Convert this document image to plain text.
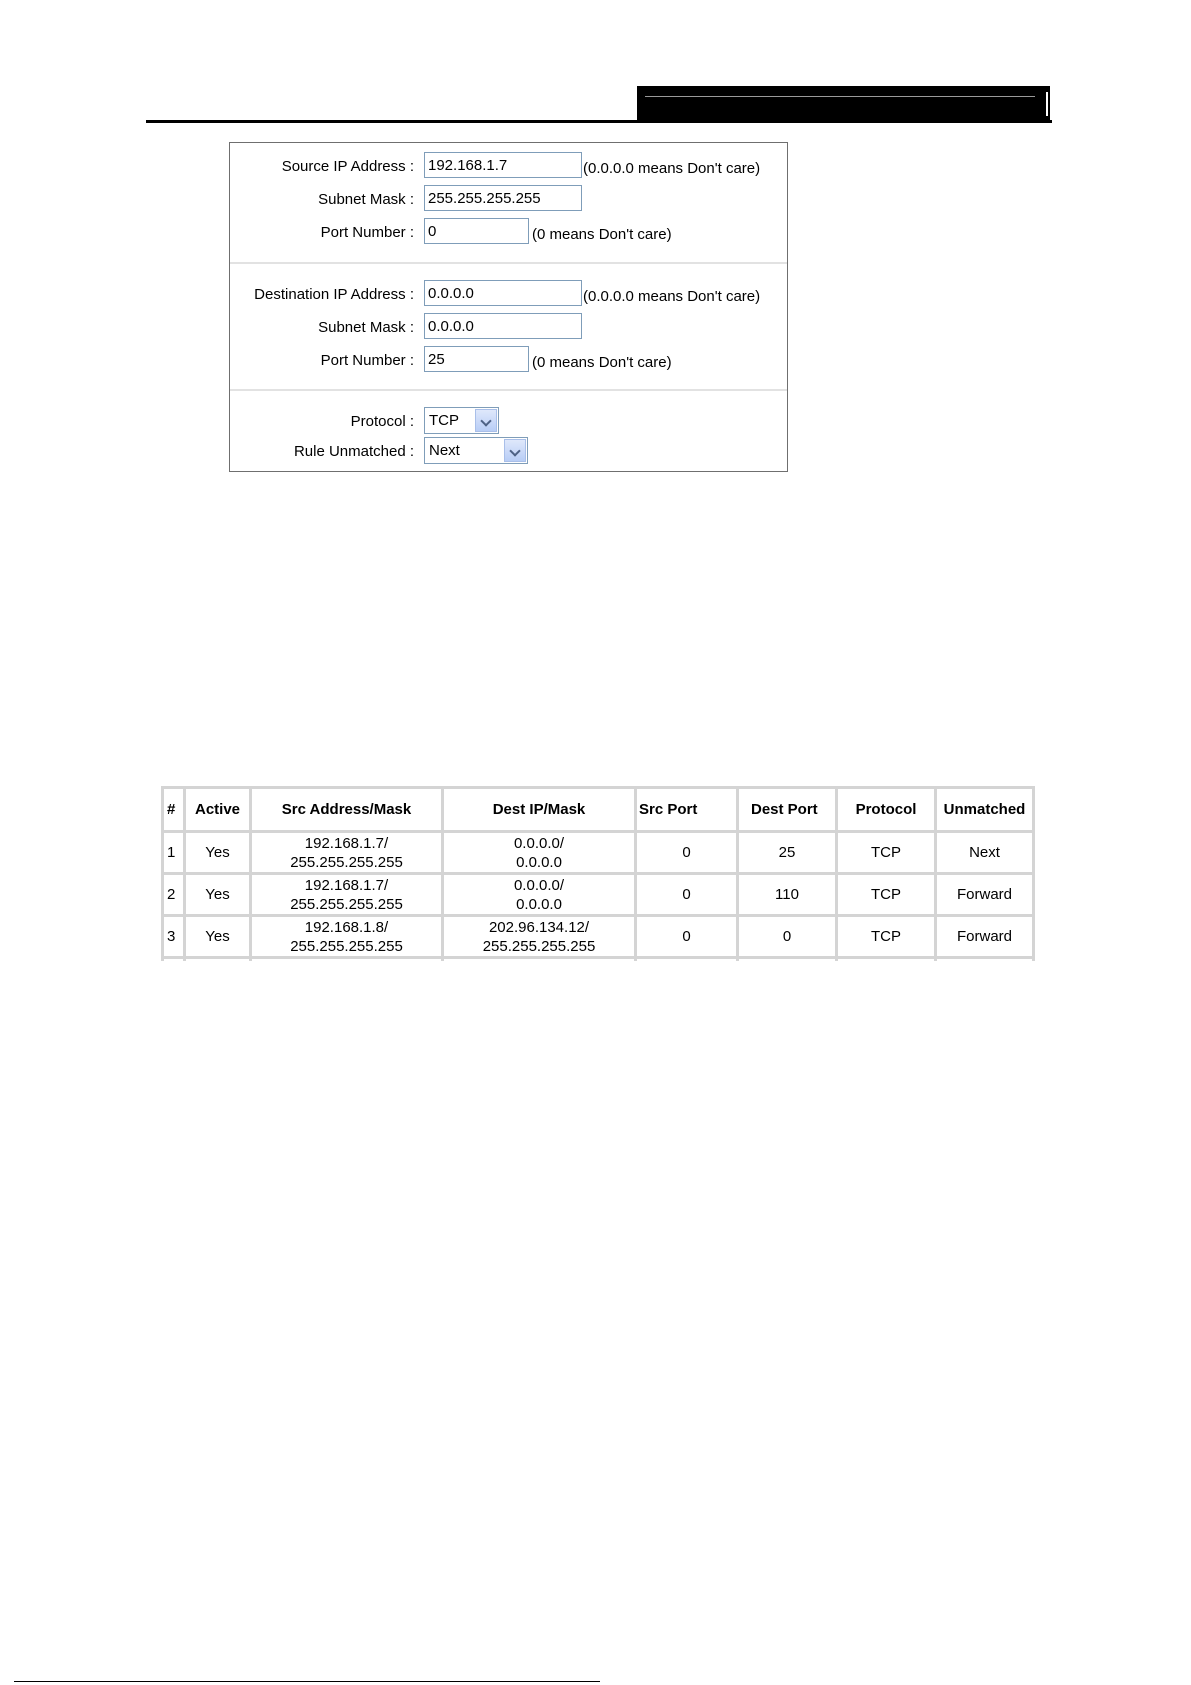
Source IP Address :
192.168.1.7	(0.0.0.0 means Don't care)
Subnet Mask :
255.255.255.255
Port Number :
0	(0 means Don't care)
Destination IP Address :
0.0.0.0	(0.0.0.0 means Don't care)
Subnet Mask :
0.0.0.0
Port Number :
25	(0 means Don't care)
Protocol :	TCP
Rule Unmatched :	Next
#	Active	Src Address/Mask	Dest IP/Mask	Src Port	Dest Port	Protocol	Unmatched
1	Yes	192.168.1.7/
255.255.255.255	0.0.0.0/
0.0.0.0	0	25	TCP	Next
2	Yes	192.168.1.7/
255.255.255.255	0.0.0.0/
0.0.0.0	0	110	TCP	Forward
3	Yes	192.168.1.8/
255.255.255.255	202.96.134.12/
255.255.255.255	0	0	TCP	Forward
